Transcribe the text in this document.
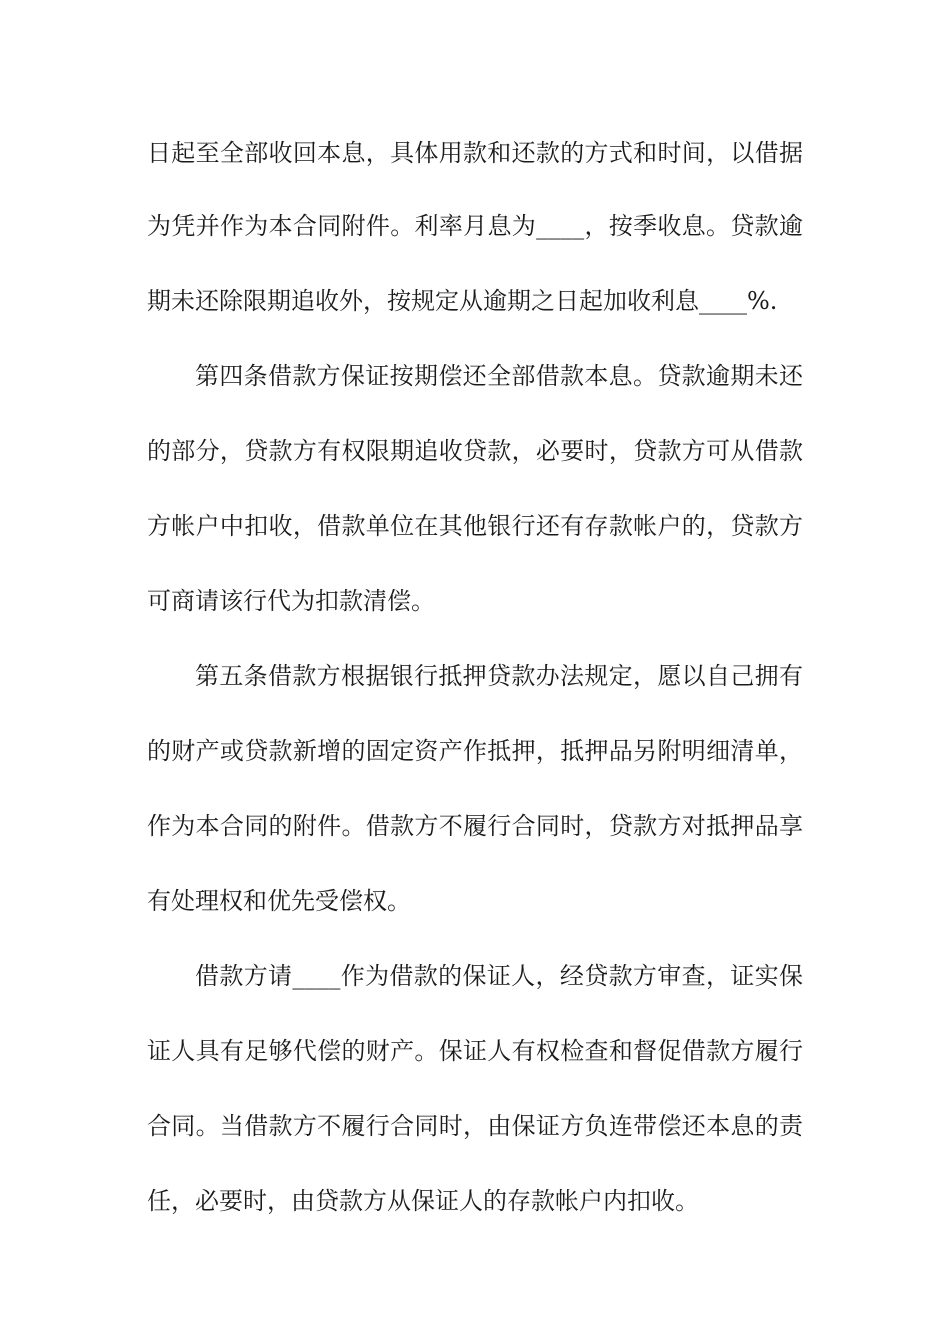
日起至全部收回本息，具体用款和还款的方式和时间，以借据
为凭并作为本合同附件。利率月息为____，按季收息。贷款逾
期未还除限期追收外，按规定从逾期之日起加收利息____%.
第四条借款方保证按期偿还全部借款本息。贷款逾期未还
的部分，贷款方有权限期追收贷款，必要时，贷款方可从借款
方帐户中扣收，借款单位在其他银行还有存款帐户的，贷款方
可商请该行代为扣款清偿。
第五条借款方根据银行抵押贷款办法规定，愿以自己拥有
的财产或贷款新增的固定资产作抵押，抵押品另附明细清单，
作为本合同的附件。借款方不履行合同时，贷款方对抵押品享
有处理权和优先受偿权。
借款方请____作为借款的保证人，经贷款方审查，证实保
证人具有足够代偿的财产。保证人有权检查和督促借款方履行
合同。当借款方不履行合同时，由保证方负连带偿还本息的责
任，必要时，由贷款方从保证人的存款帐户内扣收。
